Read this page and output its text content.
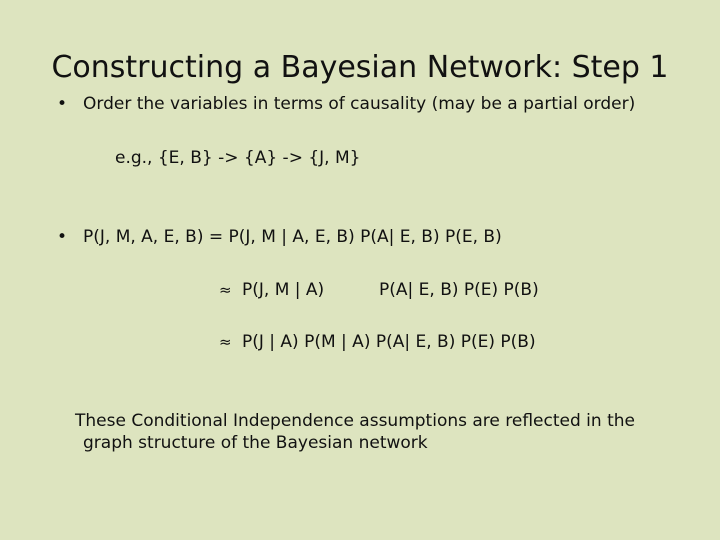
Constructing a Bayesian Network: Step 1
• Order the variables in terms of causality (may be a partial order)
e.g., {E, B} -> {A} -> {J, M}
• P(J, M, A, E, B) = P(J, M | A, E, B) P(A| E, B) P(E, B)
≈ P(J, M | A)	P(A| E, B) P(E) P(B)
≈ P(J | A) P(M | A) P(A| E, B) P(E) P(B)
These Conditional Independence assumptions are reflected in the
graph structure of the Bayesian network
